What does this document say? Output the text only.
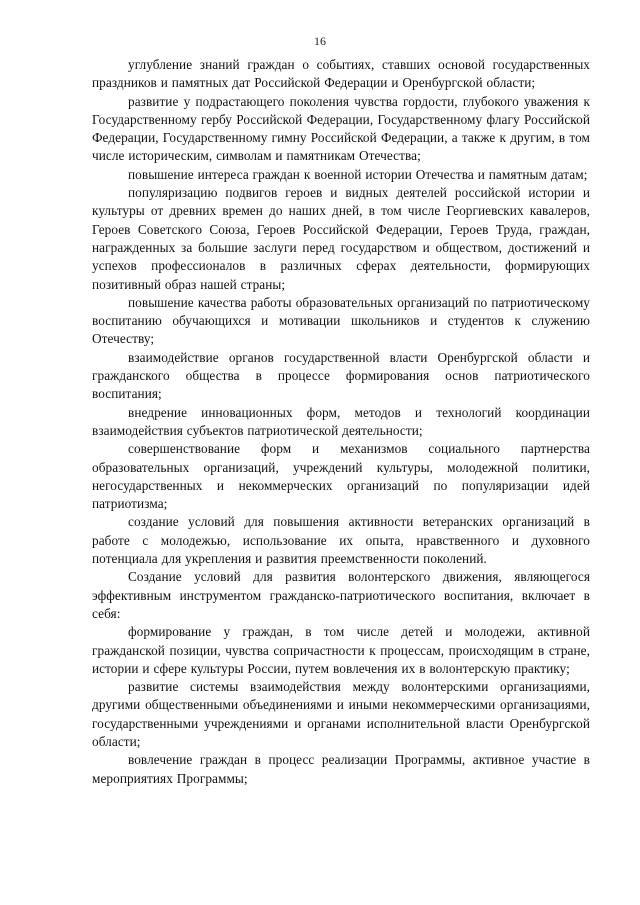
16

углубление знаний граждан о событиях, ставших основой государственных праздников и памятных дат Российской Федерации и Оренбургской области;

развитие у подрастающего поколения чувства гордости, глубокого уважения к Государственному гербу Российской Федерации, Государственному флагу Российской Федерации, Государственному гимну Российской Федерации, а также к другим, в том числе историческим, символам и памятникам Отечества;

повышение интереса граждан к военной истории Отечества и памятным датам;

популяризацию подвигов героев и видных деятелей российской истории и культуры от древних времен до наших дней, в том числе Георгиевских кавалеров, Героев Советского Союза, Героев Российской Федерации, Героев Труда, граждан, награжденных за большие заслуги перед государством и обществом, достижений и успехов профессионалов в различных сферах деятельности, формирующих позитивный образ нашей страны;

повышение качества работы образовательных организаций по патриотическому воспитанию обучающихся и мотивации школьников и студентов к служению Отечеству;

взаимодействие органов государственной власти Оренбургской области и гражданского общества в процессе формирования основ патриотического воспитания;

внедрение инновационных форм, методов и технологий координации взаимодействия субъектов патриотической деятельности;

совершенствование форм и механизмов социального партнерства образовательных организаций, учреждений культуры, молодежной политики, негосударственных и некоммерческих организаций по популяризации идей патриотизма;

создание условий для повышения активности ветеранских организаций в работе с молодежью, использование их опыта, нравственного и духовного потенциала для укрепления и развития преемственности поколений.

Создание условий для развития волонтерского движения, являющегося эффективным инструментом гражданско-патриотического воспитания, включает в себя:

формирование у граждан, в том числе детей и молодежи, активной гражданской позиции, чувства сопричастности к процессам, происходящим в стране, истории и сфере культуры России, путем вовлечения их в волонтерскую практику;

развитие системы взаимодействия между волонтерскими организациями, другими общественными объединениями и иными некоммерческими организациями, государственными учреждениями и органами исполнительной власти Оренбургской области;

вовлечение граждан в процесс реализации Программы, активное участие в мероприятиях Программы;
